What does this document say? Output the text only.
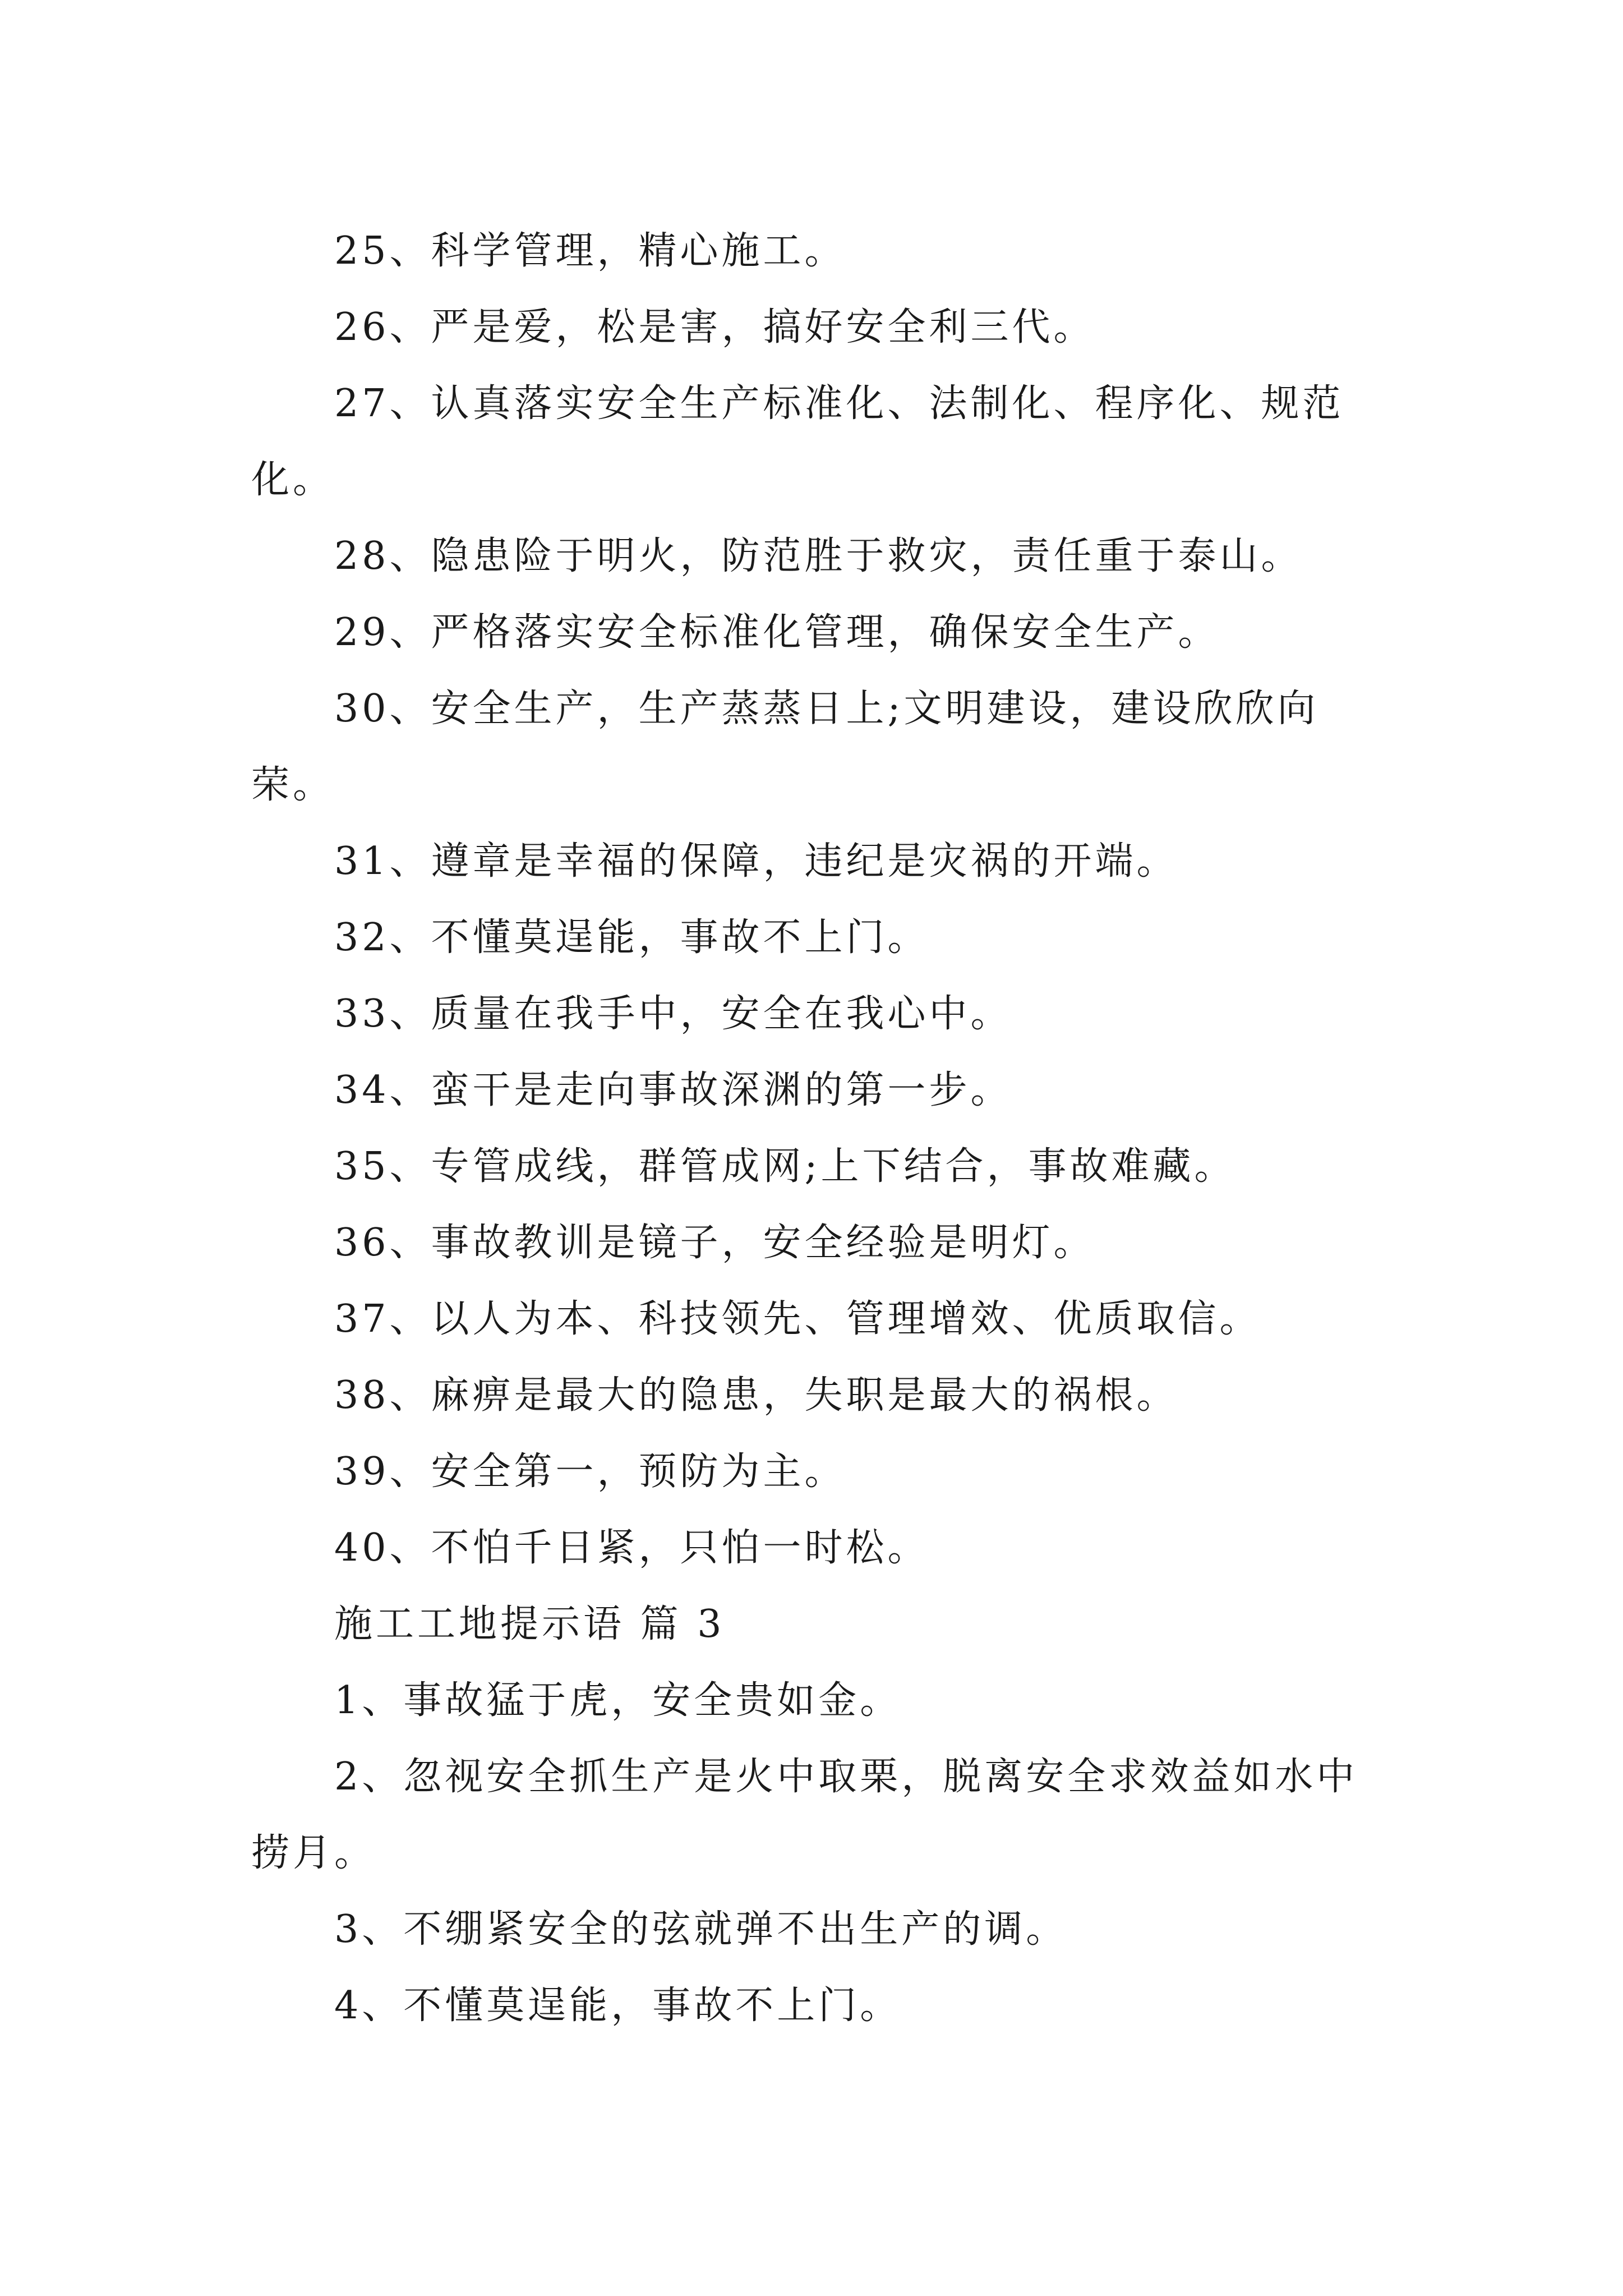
25、科学管理，精心施工。

26、严是爱，松是害，搞好安全利三代。

27、认真落实安全生产标准化、法制化、程序化、规范化。

28、隐患险于明火，防范胜于救灾，责任重于泰山。

29、严格落实安全标准化管理，确保安全生产。

30、安全生产，生产蒸蒸日上;文明建设，建设欣欣向荣。

31、遵章是幸福的保障，违纪是灾祸的开端。

32、不懂莫逞能，事故不上门。

33、质量在我手中，安全在我心中。

34、蛮干是走向事故深渊的第一步。

35、专管成线，群管成网;上下结合，事故难藏。

36、事故教训是镜子，安全经验是明灯。

37、以人为本、科技领先、管理增效、优质取信。

38、麻痹是最大的隐患，失职是最大的祸根。

39、安全第一，预防为主。

40、不怕千日紧，只怕一时松。

施工工地提示语 篇 3

1、事故猛于虎，安全贵如金。

2、忽视安全抓生产是火中取栗，脱离安全求效益如水中捞月。

3、不绷紧安全的弦就弹不出生产的调。

4、不懂莫逞能，事故不上门。
